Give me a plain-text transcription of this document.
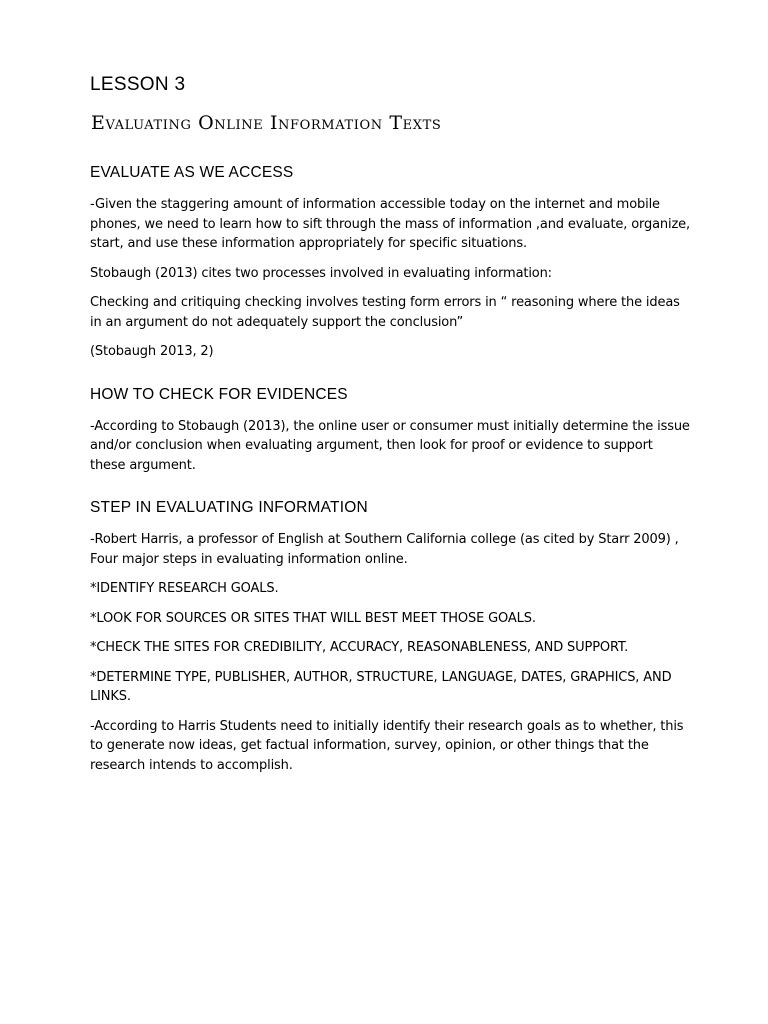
LESSON 3
Evaluating Online Information Texts
EVALUATE AS WE ACCESS

-Given the staggering amount of information accessible today on the internet and mobile phones, we need to learn how to sift through the mass of information ,and evaluate, organize, start, and use these information appropriately for specific situations.

Stobaugh (2013) cites two processes involved in evaluating information:

Checking and critiquing checking involves testing form errors in “ reasoning where the ideas in an argument do not adequately support the conclusion”

(Stobaugh 2013, 2)

HOW TO CHECK FOR EVIDENCES

-According to Stobaugh (2013), the online user or consumer must initially determine the issue and/or conclusion when evaluating argument, then look for proof or evidence to support these argument.

STEP IN EVALUATING INFORMATION

-Robert Harris, a professor of English at Southern California college (as cited by Starr 2009) , Four major steps in evaluating information online.

*IDENTIFY RESEARCH GOALS.

*LOOK FOR SOURCES OR SITES THAT WILL BEST MEET THOSE GOALS.

*CHECK THE SITES FOR CREDIBILITY, ACCURACY, REASONABLENESS, AND SUPPORT.

*DETERMINE TYPE, PUBLISHER, AUTHOR, STRUCTURE, LANGUAGE, DATES, GRAPHICS, AND LINKS.

-According to Harris Students need to initially identify their research goals as to whether, this to generate now ideas, get factual information, survey, opinion, or other things that the research intends to accomplish.
